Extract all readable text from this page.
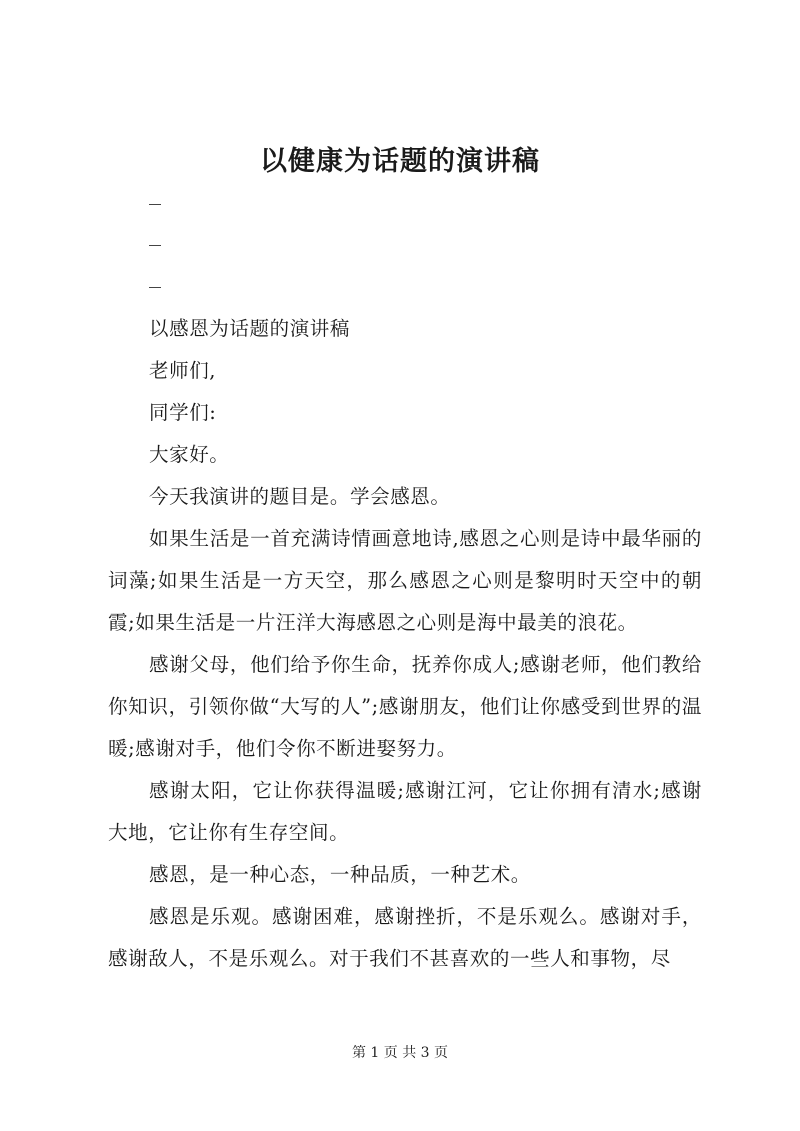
以健康为话题的演讲稿

以感恩为话题的演讲稿

老师们,

同学们:

大家好。

今天我演讲的题目是。学会感恩。

如果生活是一首充满诗情画意地诗,感恩之心则是诗中最华丽的词藻;如果生活是一方天空，那么感恩之心则是黎明时天空中的朝霞;如果生活是一片汪洋大海感恩之心则是海中最美的浪花。

感谢父母，他们给予你生命，抚养你成人;感谢老师，他们教给你知识，引领你做“大写的人”;感谢朋友，他们让你感受到世界的温暖;感谢对手，他们令你不断进娶努力。

感谢太阳，它让你获得温暖;感谢江河，它让你拥有清水;感谢大地，它让你有生存空间。

感恩，是一种心态，一种品质，一种艺术。

感恩是乐观。感谢困难，感谢挫折，不是乐观么。感谢对手，感谢敌人，不是乐观么。对于我们不甚喜欢的一些人和事物，尽

第 1 页 共 3 页
